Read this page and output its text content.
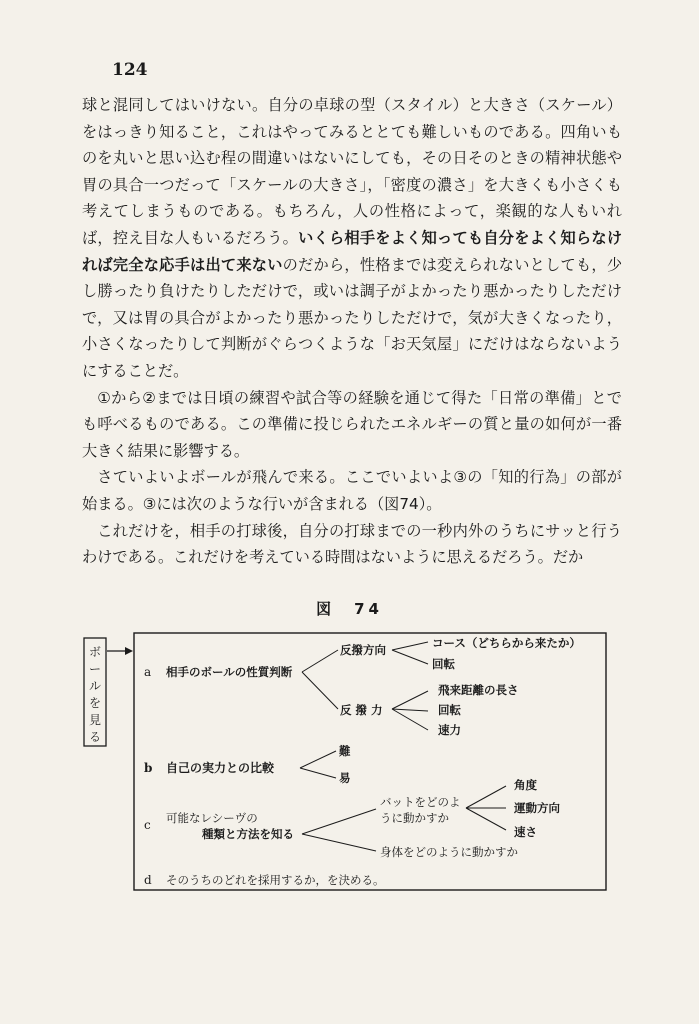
124

球と混同してはいけない。自分の卓球の型（スタイル）と大きさ（スケール）をはっきり知ること，これはやってみるととても難しいものである。四角いものを丸いと思い込む程の間違いはないにしても，その日そのときの精神状態や胃の具合一つだって「スケールの大きさ」，「密度の濃さ」を大きくも小さくも考えてしまうものである。もちろん，人の性格によって，楽観的な人もいれば，控え目な人もいるだろう。いくら相手をよく知っても自分をよく知らなければ完全な応手は出て来ないのだから，性格までは変えられないとしても，少し勝ったり負けたりしただけで，或いは調子がよかったり悪かったりしただけで，又は胃の具合がよかったり悪かったりしただけで，気が大きくなったり，小さくなったりして判断がぐらつくような「お天気屋」にだけはならないようにすることだ。

①から②までは日頃の練習や試合等の経験を通じて得た「日常の準備」とでも呼べるものである。この準備に投じられたエネルギーの質と量の如何が一番大きく結果に影響する。

さていよいよボールが飛んで来る。ここでいよいよ③の「知的行為」の部が始まる。③には次のような行いが含まれる（図74）。

これだけを，相手の打球後，自分の打球までの一秒内外のうちにサッと行うわけである。これだけを考えている時間はないように思えるだろう。だか

図　74
ボ
ー
ル
を
見
る
a 相手のボールの性質判断
反撥方向	コース（どちらから来たか）
回転
反 撥 力
飛来距離の長さ
回転
速力
b 自己の実力との比較
難
易
c 可能なレシーヴの
種類と方法を知る
バットをどのよ
うに動かすか
角度
運動方向
速さ
身体をどのように動かすか
d そのうちのどれを採用するか，を決める。
